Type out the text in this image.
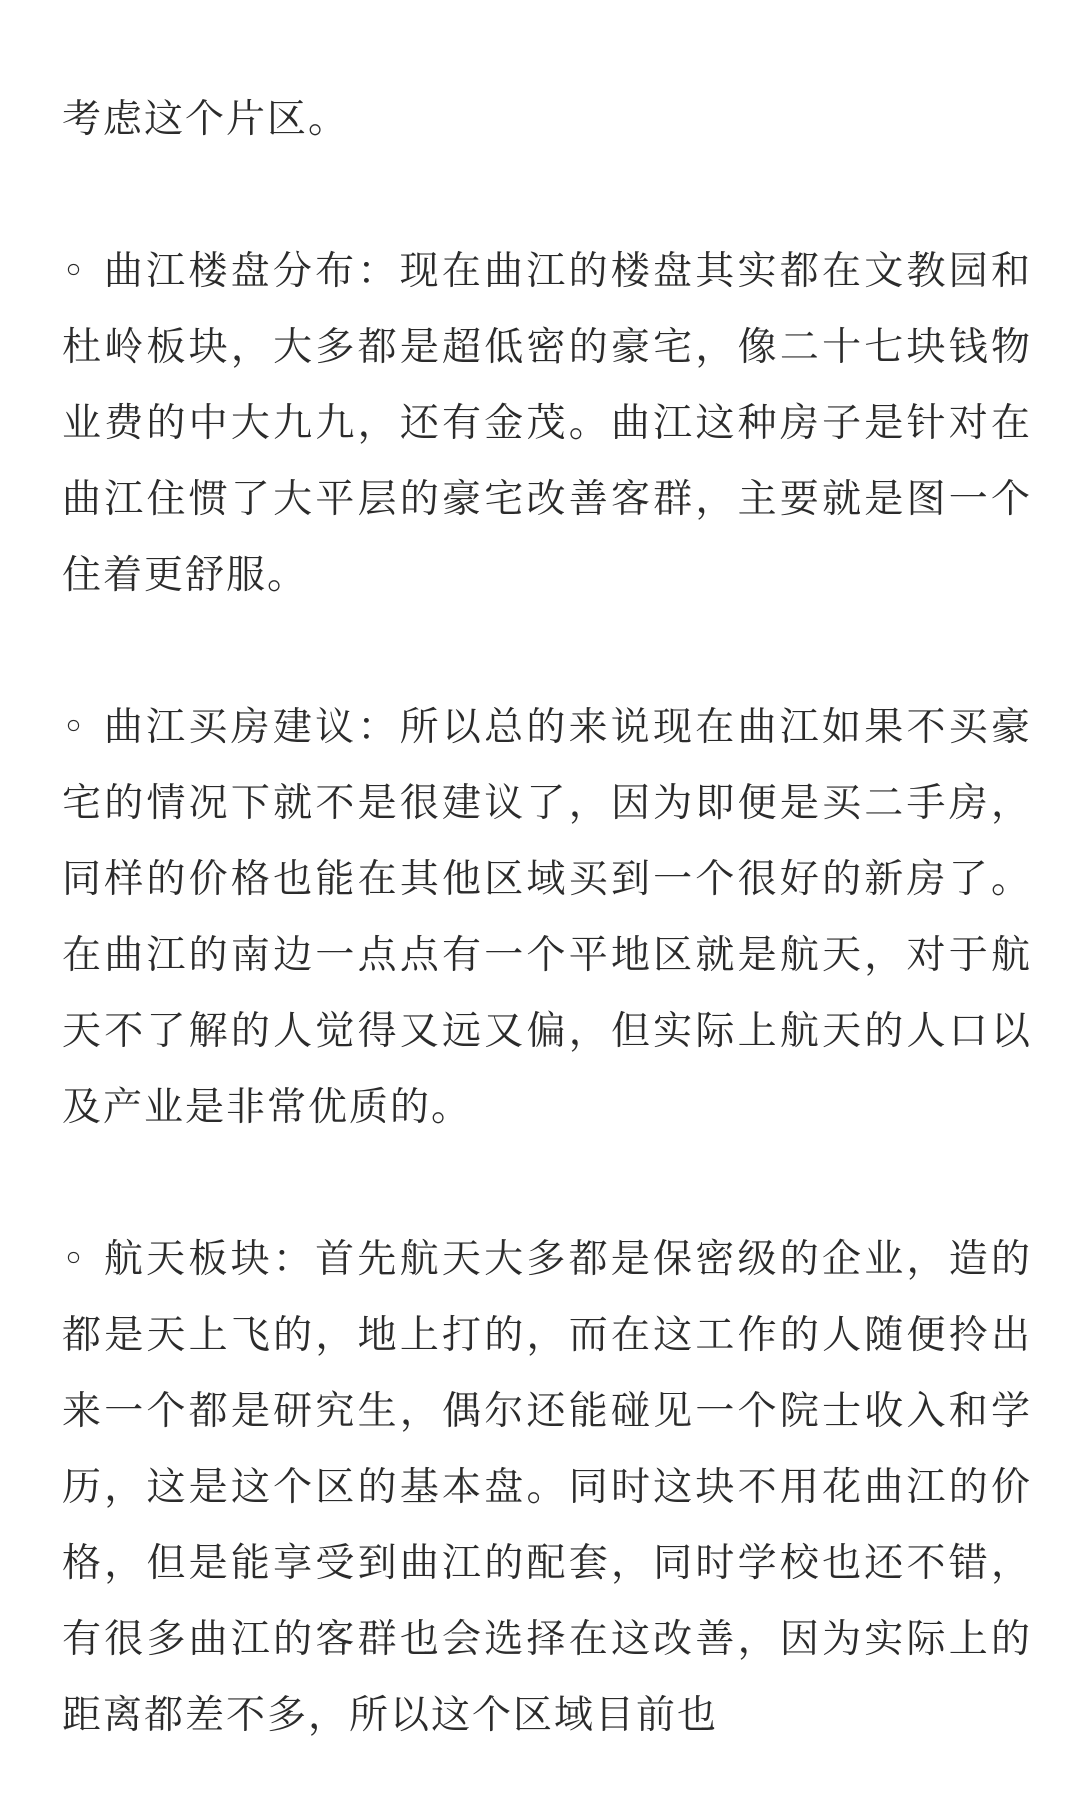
考虑这个片区。

◦ 曲江楼盘分布：现在曲江的楼盘其实都在文教园和杜岭板块，大多都是超低密的豪宅，像二十七块钱物业费的中大九九，还有金茂。曲江这种房子是针对在曲江住惯了大平层的豪宅改善客群，主要就是图一个住着更舒服。

◦ 曲江买房建议：所以总的来说现在曲江如果不买豪宅的情况下就不是很建议了，因为即便是买二手房，同样的价格也能在其他区域买到一个很好的新房了。在曲江的南边一点点有一个平地区就是航天，对于航天不了解的人觉得又远又偏，但实际上航天的人口以及产业是非常优质的。

◦ 航天板块：首先航天大多都是保密级的企业，造的都是天上飞的，地上打的，而在这工作的人随便拎出来一个都是研究生，偶尔还能碰见一个院士收入和学历，这是这个区的基本盘。同时这块不用花曲江的价格，但是能享受到曲江的配套，同时学校也还不错，有很多曲江的客群也会选择在这改善，因为实际上的距离都差不多，所以这个区域目前也
